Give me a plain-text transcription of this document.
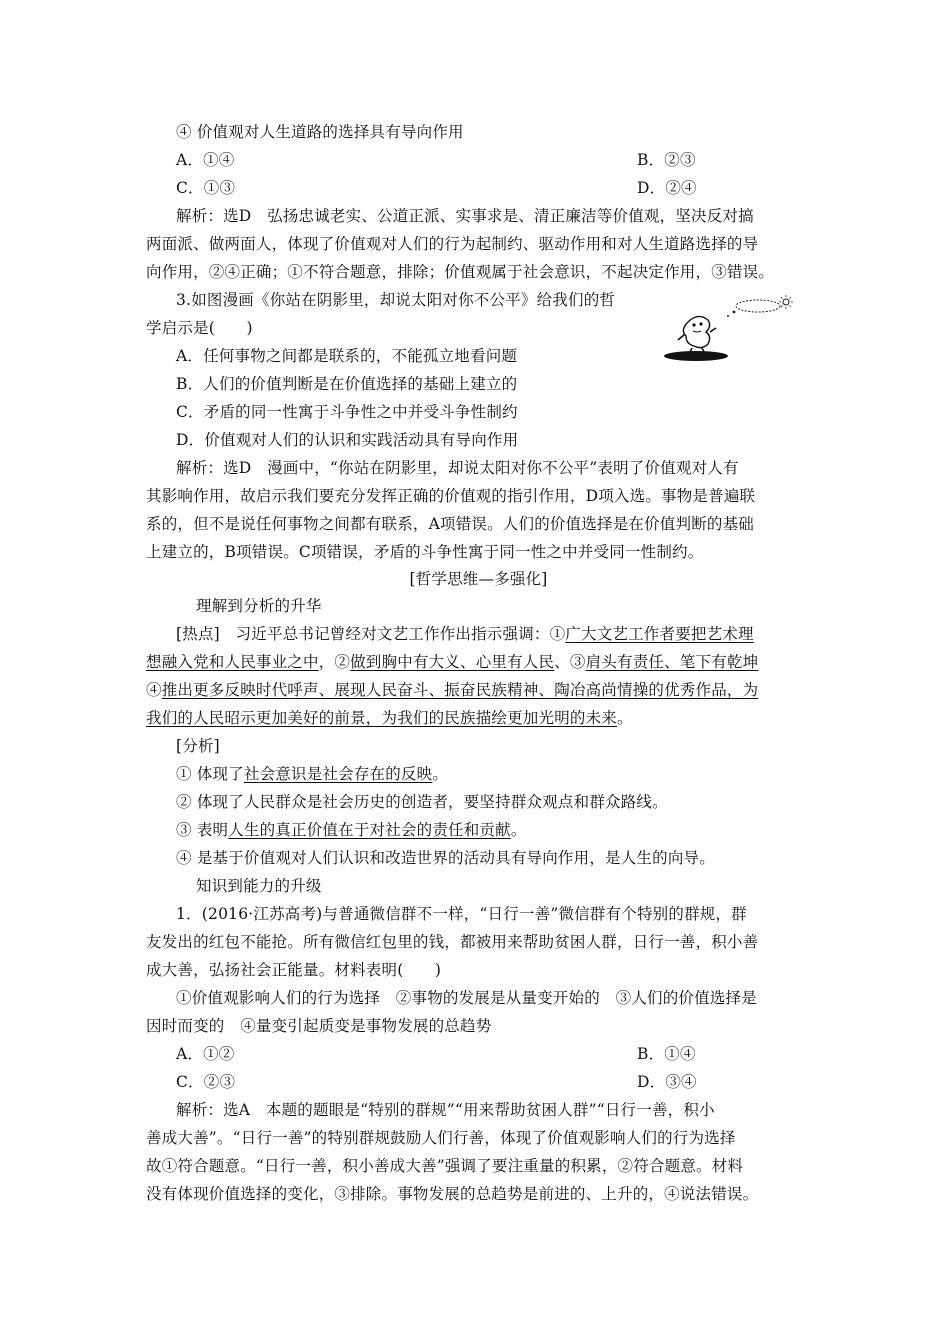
④ 价值观对人生道路的选择具有导向作用
A．①④	B．②③
C．①③	D．②④
解析：选D　弘扬忠诚老实、公道正派、实事求是、清正廉洁等价值观，坚决反对搞
两面派、做两面人，体现了价值观对人们的行为起制约、驱动作用和对人生道路选择的导
向作用，②④正确；①不符合题意，排除；价值观属于社会意识，不起决定作用，③错误。
3.如图漫画《你站在阴影里，却说太阳对你不公平》给我们的哲
学启示是(　　)
A．任何事物之间都是联系的，不能孤立地看问题
B．人们的价值判断是在价值选择的基础上建立的
C．矛盾的同一性寓于斗争性之中并受斗争性制约
D．价值观对人们的认识和实践活动具有导向作用
解析：选D　漫画中，“你站在阴影里，却说太阳对你不公平”表明了价值观对人有
其影响作用，故启示我们要充分发挥正确的价值观的指引作用，D项入选。事物是普遍联
系的，但不是说任何事物之间都有联系，A项错误。人们的价值选择是在价值判断的基础
上建立的，B项错误。C项错误，矛盾的斗争性寓于同一性之中并受同一性制约。
[哲学思维—多强化]
理解到分析的升华
[热点]　习近平总书记曾经对文艺工作作出指示强调：①广大文艺工作者要把艺术理
想融入党和人民事业之中，②做到胸中有大义、心里有人民、③肩头有责任、笔下有乾坤
④推出更多反映时代呼声、展现人民奋斗、振奋民族精神、陶冶高尚情操的优秀作品，为
我们的人民昭示更加美好的前景，为我们的民族描绘更加光明的未来。
[分析]
① 体现了社会意识是社会存在的反映。
② 体现了人民群众是社会历史的创造者，要坚持群众观点和群众路线。
③ 表明人生的真正价值在于对社会的责任和贡献。
④ 是基于价值观对人们认识和改造世界的活动具有导向作用，是人生的向导。
知识到能力的升级
1．(2016·江苏高考)与普通微信群不一样，“日行一善”微信群有个特别的群规，群
友发出的红包不能抢。所有微信红包里的钱，都被用来帮助贫困人群，日行一善，积小善
成大善，弘扬社会正能量。材料表明(　　)
①价值观影响人们的行为选择　②事物的发展是从量变开始的　③人们的价值选择是
因时而变的　④量变引起质变是事物发展的总趋势
A．①②	B．①④
C．②③	D．③④
解析：选A　本题的题眼是“特别的群规”“用来帮助贫困人群”“日行一善，积小
善成大善”。“日行一善”的特别群规鼓励人们行善，体现了价值观影响人们的行为选择
故①符合题意。“日行一善，积小善成大善”强调了要注重量的积累，②符合题意。材料
没有体现价值选择的变化，③排除。事物发展的总趋势是前进的、上升的，④说法错误。
